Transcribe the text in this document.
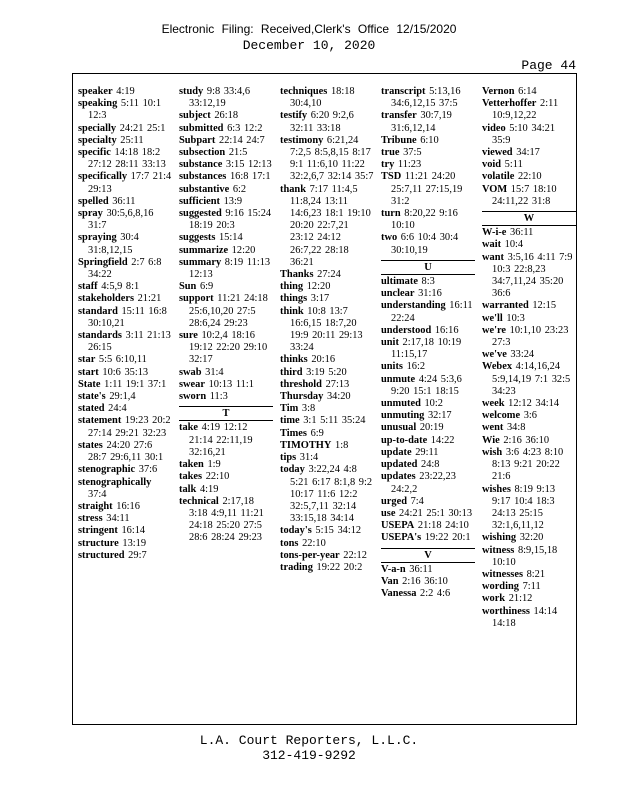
Electronic Filing: Received,Clerk's Office 12/15/2020
December 10, 2020
Page 44
speaker 4:19
speaking 5:11 10:1 12:3
specially 24:21 25:1
specialty 25:11
specific 14:18 18:2 27:12 28:11 33:13
specifically 17:7 21:4 29:13
spelled 36:11
spray 30:5,6,8,16 31:7
spraying 30:4 31:8,12,15
Springfield 2:7 6:8 34:22
staff 4:5,9 8:1
stakeholders 21:21
standard 15:11 16:8 30:10,21
standards 3:11 21:13 26:15
star 5:5 6:10,11
start 10:6 35:13
State 1:11 19:1 37:1
state's 29:1,4
stated 24:4
statement 19:23 20:2 27:14 29:21 32:23
states 24:20 27:6 28:7 29:6,11 30:1
stenographic 37:6
stenographically 37:4
straight 16:16
stress 34:11
stringent 16:14
structure 13:19
structured 29:7
study 9:8 33:4,6 33:12,19
subject 26:18
submitted 6:3 12:2
Subpart 22:14 24:7
subsection 21:5
substance 3:15 12:13
substances 16:8 17:1
substantive 6:2
sufficient 13:9
suggested 9:16 15:24 18:19 20:3
suggests 15:14
summarize 12:20
summary 8:19 11:13 12:13
Sun 6:9
support 11:21 24:18 25:6,10,20 27:5 28:6,24 29:23
sure 10:2,4 18:16 19:12 22:20 29:10 32:17
swab 31:4
swear 10:13 11:1
sworn 11:3
T
take 4:19 12:12 21:14 22:11,19 32:16,21
taken 1:9
takes 22:10
talk 4:19
technical 2:17,18 3:18 4:9,11 11:21 24:18 25:20 27:5 28:6 28:24 29:23
techniques 18:18 30:4,10
testify 6:20 9:2,6 32:11 33:18
testimony 6:21,24 7:2,5 8:5,8,15 8:17 9:1 11:6,10 11:22 32:2,6,7 32:14 35:7
thank 7:17 11:4,5 11:8,24 13:11 14:6,23 18:1 19:10 20:20 22:7,21 23:12 24:12 26:7,22 28:18 36:21
Thanks 27:24
thing 12:20
things 3:17
think 10:8 13:7 16:6,15 18:7,20 19:9 20:11 29:13 33:24
thinks 20:16
third 3:19 5:20
threshold 27:13
Thursday 34:20
Tim 3:8
time 3:1 5:11 35:24
Times 6:9
TIMOTHY 1:8
tips 31:4
today 3:22,24 4:8 5:21 6:17 8:1,8 9:2 10:17 11:6 12:2 32:5,7,11 32:14 33:15,18 34:14
today's 5:15 34:12
tons 22:10
tons-per-year 22:12
trading 19:22 20:2
transcript 5:13,16 34:6,12,15 37:5
transfer 30:7,19 31:6,12,14
Tribune 6:10
true 37:5
try 11:23
TSD 11:21 24:20 25:7,11 27:15,19 31:2
turn 8:20,22 9:16 10:10
two 6:6 10:4 30:4 30:10,19
U
ultimate 8:3
unclear 31:16
understanding 16:11 22:24
understood 16:16
unit 2:17,18 10:19 11:15,17
units 16:2
unmute 4:24 5:3,6 9:20 15:1 18:15
unmuted 10:2
unmuting 32:17
unusual 20:19
up-to-date 14:22
update 29:11
updated 24:8
updates 23:22,23 24:2,2
urged 7:4
use 24:21 25:1 30:13
USEPA 21:18 24:10
USEPA's 19:22 20:1
V
V-a-n 36:11
Van 2:16 36:10
Vanessa 2:2 4:6
Vernon 6:14
Vetterhoffer 2:11 10:9,12,22
video 5:10 34:21 35:9
viewed 34:17
void 5:11
volatile 22:10
VOM 15:7 18:10 24:11,22 31:8
W
W-i-e 36:11
wait 10:4
want 3:5,16 4:11 7:9 10:3 22:8,23 34:7,11,24 35:20 36:6
warranted 12:15
we'll 10:3
we're 10:1,10 23:23 27:3
we've 33:24
Webex 4:14,16,24 5:9,14,19 7:1 32:5 34:23
week 12:12 34:14
welcome 3:6
went 34:8
Wie 2:16 36:10
wish 3:6 4:23 8:10 8:13 9:21 20:22 21:6
wishes 8:19 9:13 9:17 10:4 18:3 24:13 25:15 32:1,6,11,12
wishing 32:20
witness 8:9,15,18 10:10
witnesses 8:21
wording 7:11
work 21:12
worthiness 14:14 14:18
L.A. Court Reporters, L.L.C.
312-419-9292
